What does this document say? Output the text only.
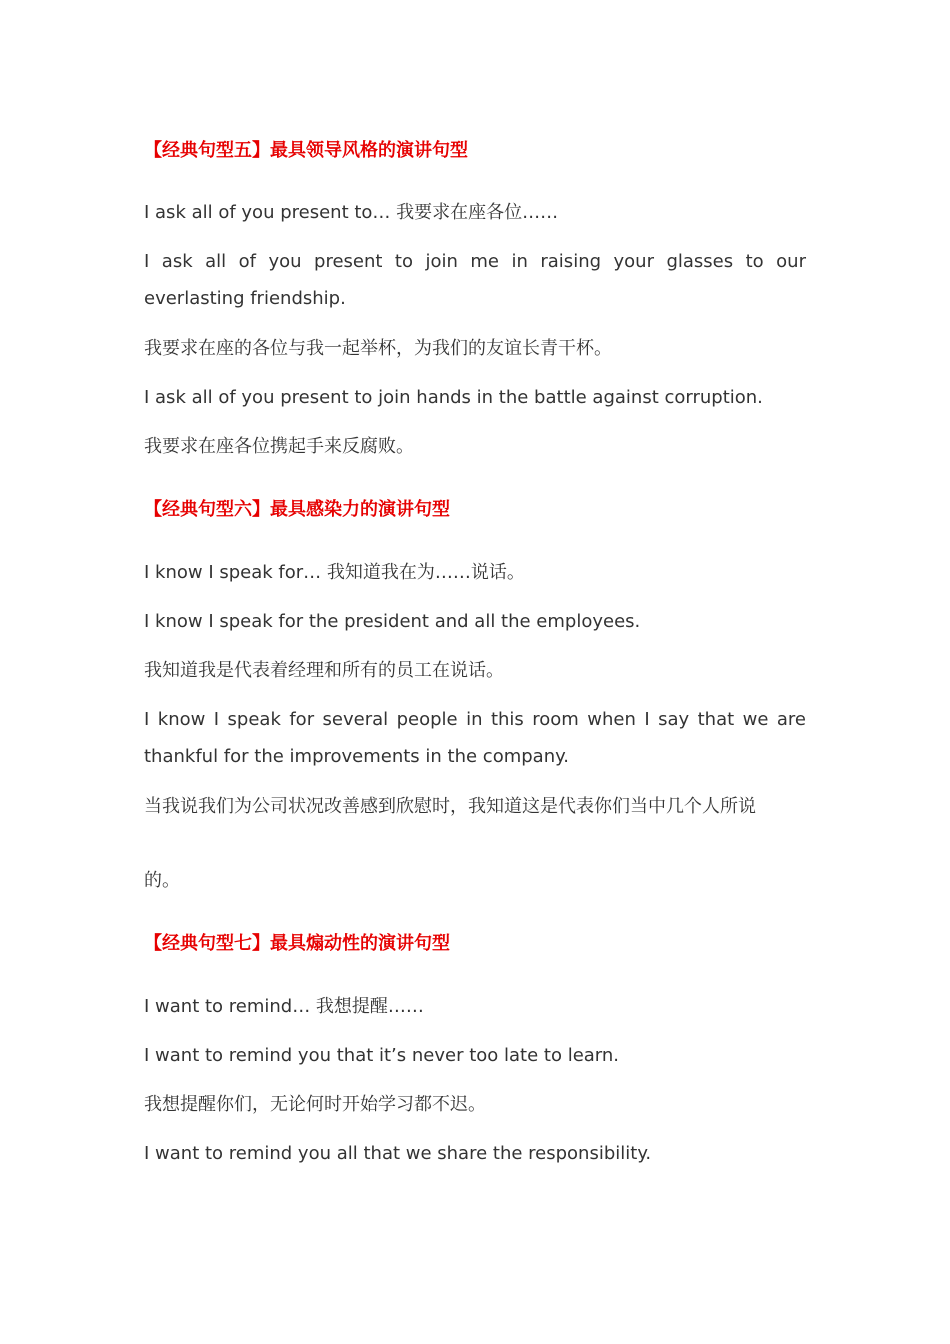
【经典句型五】最具领导风格的演讲句型

I ask all of you present to… 我要求在座各位……

I ask all of you present to join me in raising your glasses to our everlasting friendship.

我要求在座的各位与我一起举杯，为我们的友谊长青干杯。

I ask all of you present to join hands in the battle against corruption.

我要求在座各位携起手来反腐败。

【经典句型六】最具感染力的演讲句型

I know I speak for… 我知道我在为……说话。

I know I speak for the president and all the employees.

我知道我是代表着经理和所有的员工在说话。

I know I speak for several people in this room when I say that we are thankful for the improvements in the company.

当我说我们为公司状况改善感到欣慰时，我知道这是代表你们当中几个人所说

的。

【经典句型七】最具煽动性的演讲句型

I want to remind… 我想提醒……

I want to remind you that it’s never too late to learn.

我想提醒你们，无论何时开始学习都不迟。

I want to remind you all that we share the responsibility.
